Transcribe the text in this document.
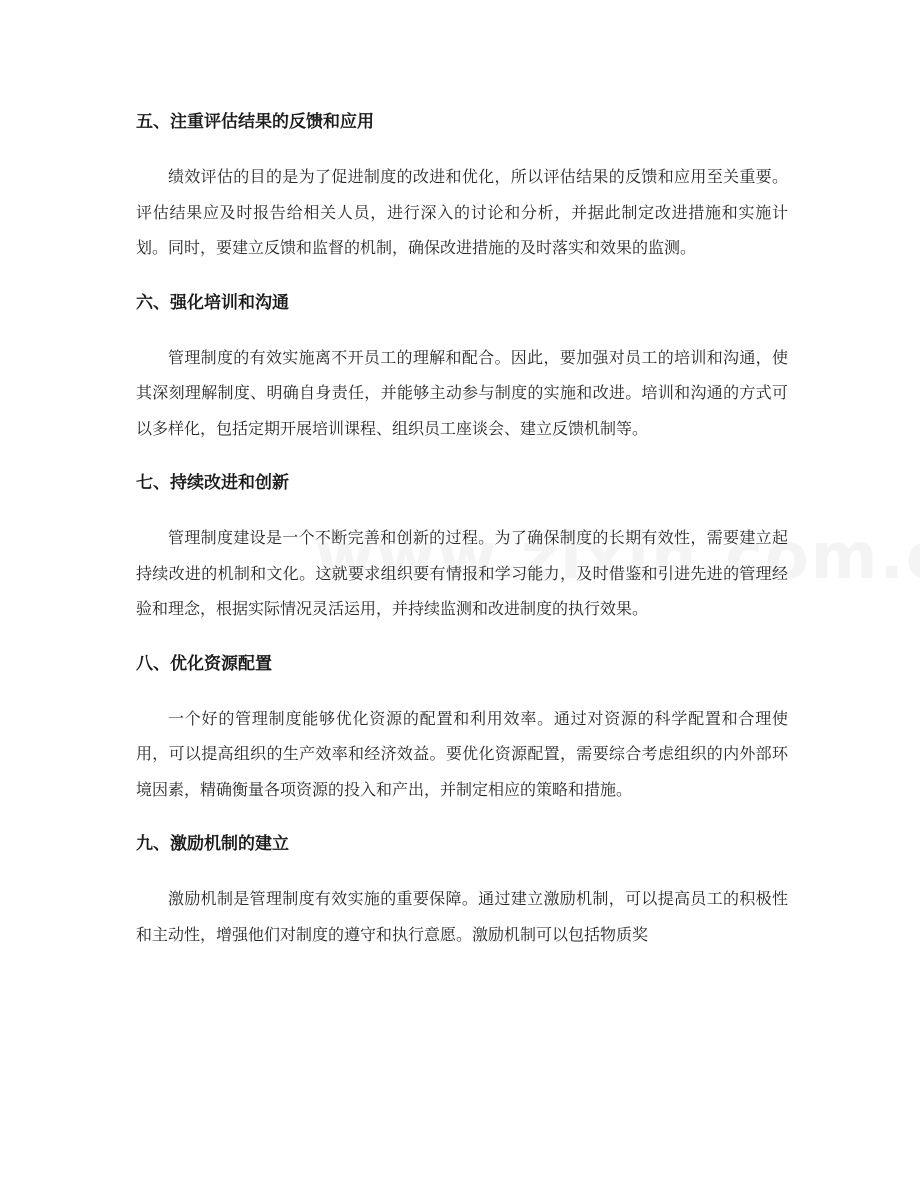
五、注重评估结果的反馈和应用

绩效评估的目的是为了促进制度的改进和优化，所以评估结果的反馈和应用至关重要。评估结果应及时报告给相关人员，进行深入的讨论和分析，并据此制定改进措施和实施计划。同时，要建立反馈和监督的机制，确保改进措施的及时落实和效果的监测。

六、强化培训和沟通

管理制度的有效实施离不开员工的理解和配合。因此，要加强对员工的培训和沟通，使其深刻理解制度、明确自身责任，并能够主动参与制度的实施和改进。培训和沟通的方式可以多样化，包括定期开展培训课程、组织员工座谈会、建立反馈机制等。

七、持续改进和创新

管理制度建设是一个不断完善和创新的过程。为了确保制度的长期有效性，需要建立起持续改进的机制和文化。这就要求组织要有情报和学习能力，及时借鉴和引进先进的管理经验和理念，根据实际情况灵活运用，并持续监测和改进制度的执行效果。

八、优化资源配置

一个好的管理制度能够优化资源的配置和利用效率。通过对资源的科学配置和合理使用，可以提高组织的生产效率和经济效益。要优化资源配置，需要综合考虑组织的内外部环境因素，精确衡量各项资源的投入和产出，并制定相应的策略和措施。

九、激励机制的建立

激励机制是管理制度有效实施的重要保障。通过建立激励机制，可以提高员工的积极性和主动性，增强他们对制度的遵守和执行意愿。激励机制可以包括物质奖
